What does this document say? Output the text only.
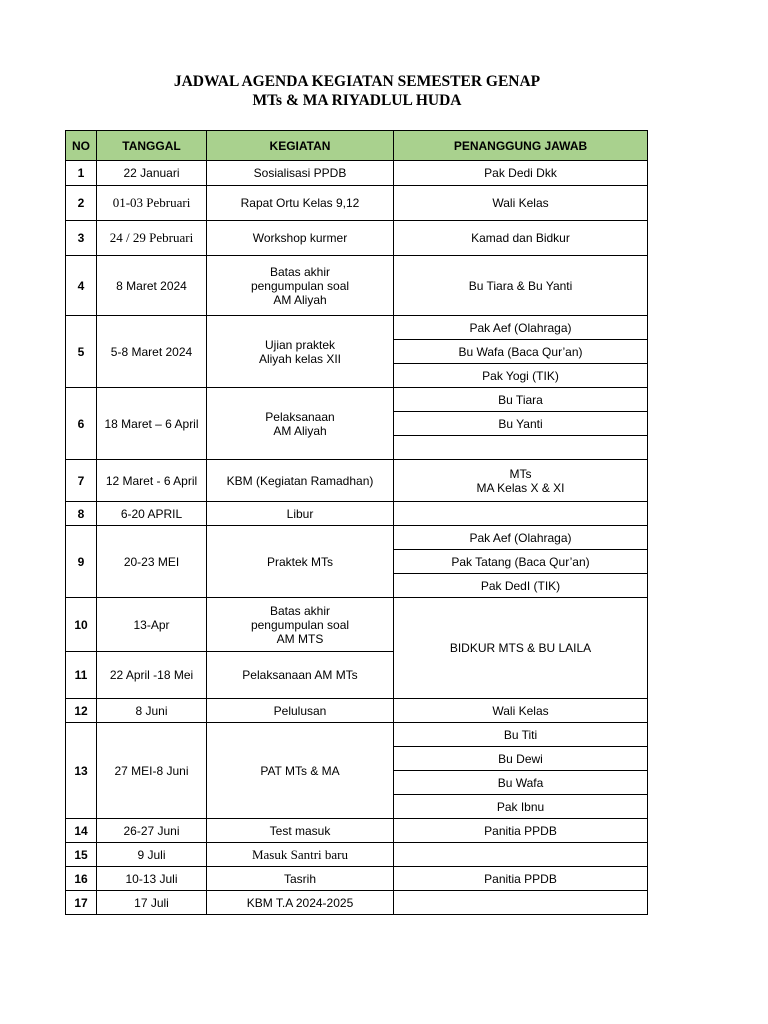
JADWAL AGENDA KEGIATAN SEMESTER GENAP
MTs & MA RIYADLUL HUDA
NO	TANGGAL	KEGIATAN	PENANGGUNG JAWAB
1	22 Januari	Sosialisasi PPDB	Pak Dedi Dkk
2	01-03 Pebruari	Rapat Ortu Kelas 9,12	Wali Kelas
3	24 / 29 Pebruari	Workshop kurmer	Kamad dan Bidkur
4	8 Maret 2024	Batas akhir
pengumpulan soal
AM Aliyah	Bu Tiara & Bu Yanti
5	5-8 Maret 2024	Ujian praktek
Aliyah kelas XII	Pak Aef (Olahraga)
			Bu Wafa (Baca Qur’an)
			Pak Yogi (TIK)
6	18 Maret – 6 April	Pelaksanaan
AM Aliyah	Bu Tiara
			Bu Yanti

7	12 Maret - 6 April	KBM (Kegiatan Ramadhan)	MTs
MA Kelas X & XI

8	6-20 APRIL	Libur	
9	20-23 MEI	Praktek MTs	Pak Aef (Olahraga)
			Pak Tatang (Baca Qur’an)
			Pak DedI (TIK)
10	13-Apr	Batas akhir
pengumpulan soal
AM MTS	BIDKUR MTS & BU LAILA
11	22 April -18 Mei	Pelaksanaan AM MTs	
12	8 Juni	Pelulusan	Wali Kelas
13	27 MEI-8 Juni	PAT MTs & MA	Bu Titi
			Bu Dewi
			Bu Wafa
			Pak Ibnu
14	26-27 Juni	Test masuk	Panitia PPDB
15	9 Juli	Masuk Santri baru	
16	10-13 Juli	Tasrih	Panitia PPDB
17	17 Juli	KBM T.A 2024-2025	
